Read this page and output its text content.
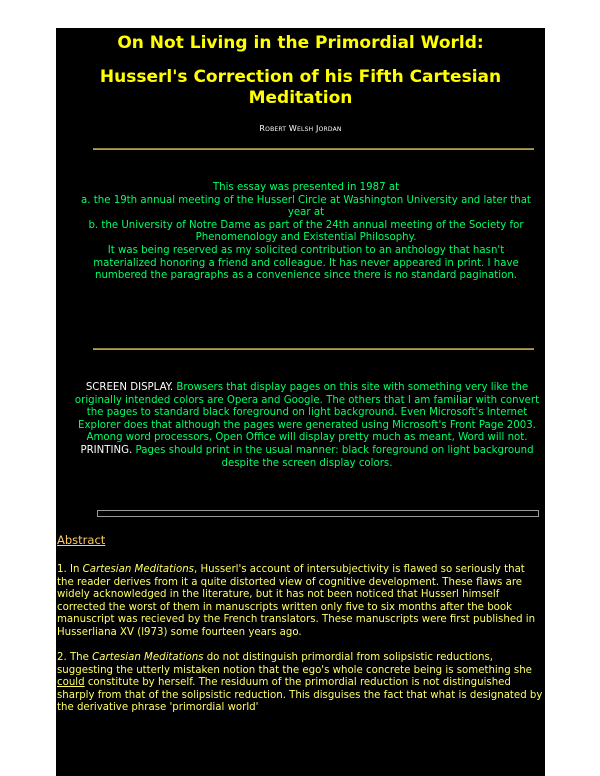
On Not Living in the Primordial World:
Husserl's Correction of his Fifth Cartesian Meditation
Robert Welsh Jordan
This essay was presented in 1987 at
a. the 19th annual meeting of the Husserl Circle at Washington University and later that year at
b. the University of Notre Dame as part of the 24th annual meeting of the Society for Phenomenology and Existential Philosophy.
It was being reserved as my solicited contribution to an anthology that hasn't materialized honoring a friend and colleague. It has never appeared in print. I have numbered the paragraphs as a convenience since there is no standard pagination.
SCREEN DISPLAY. Browsers that display pages on this site with something very like the originally intended colors are Opera and Google. The others that I am familiar with convert the pages to standard black foreground on light background. Even Microsoft's Internet Explorer does that although the pages were generated using Microsoft's Front Page 2003. Among word processors, Open Office will display pretty much as meant, Word will not.
PRINTING. Pages should print in the usual manner: black foreground on light background despite the screen display colors.
Abstract
1. In Cartesian Meditations, Husserl's account of intersubjectivity is flawed so seriously that the reader derives from it a quite distorted view of cognitive development. These flaws are widely acknowledged in the literature, but it has not been noticed that Husserl himself corrected the worst of them in manuscripts written only five to six months after the book manuscript was recieved by the French translators. These manuscripts were first published in Husserliana XV (l973) some fourteen years ago.
2. The Cartesian Meditations do not distinguish primordial from solipsistic reductions, suggesting the utterly mistaken notion that the ego's whole concrete being is something she could constitute by herself. The residuum of the primordial reduction is not distinguished sharply from that of the solipsistic reduction. This disguises the fact that what is designated by the derivative phrase 'primordial world'
